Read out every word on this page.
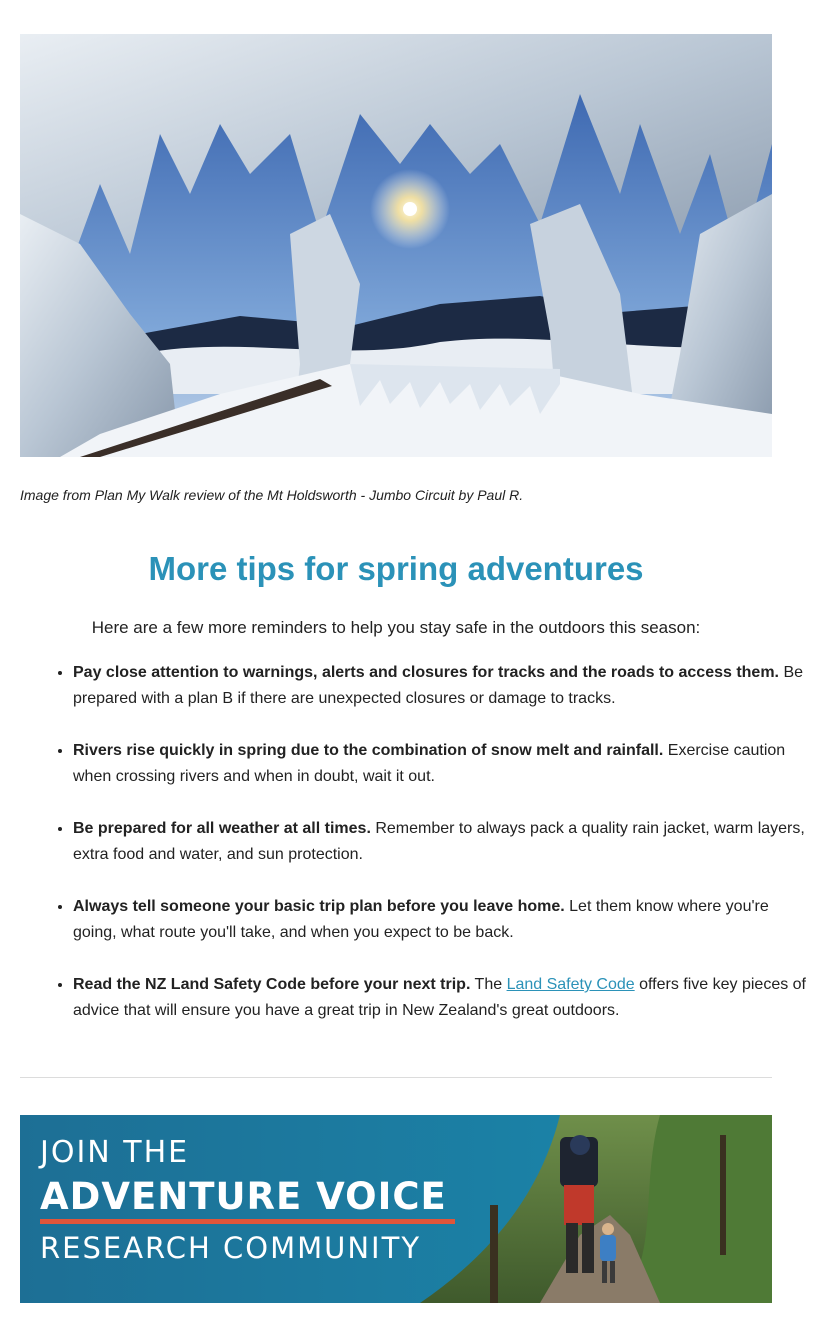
Image from Plan My Walk review of the Mt Holdsworth - Jumbo Circuit by Paul R.
More tips for spring adventures
Here are a few more reminders to help you stay safe in the outdoors this season:
• Pay close attention to warnings, alerts and closures for tracks and the roads to access them. Be prepared with a plan B if there are unexpected closures or damage to tracks.
• Rivers rise quickly in spring due to the combination of snow melt and rainfall. Exercise caution when crossing rivers and when in doubt, wait it out.
• Be prepared for all weather at all times. Remember to always pack a quality rain jacket, warm layers, extra food and water, and sun protection.
• Always tell someone your basic trip plan before you leave home. Let them know where you're going, what route you'll take, and when you expect to be back.
• Read the NZ Land Safety Code before your next trip. The Land Safety Code offers five key pieces of advice that will ensure you have a great trip in New Zealand's great outdoors.
JOIN THE
ADVENTURE VOICE
RESEARCH COMMUNITY
